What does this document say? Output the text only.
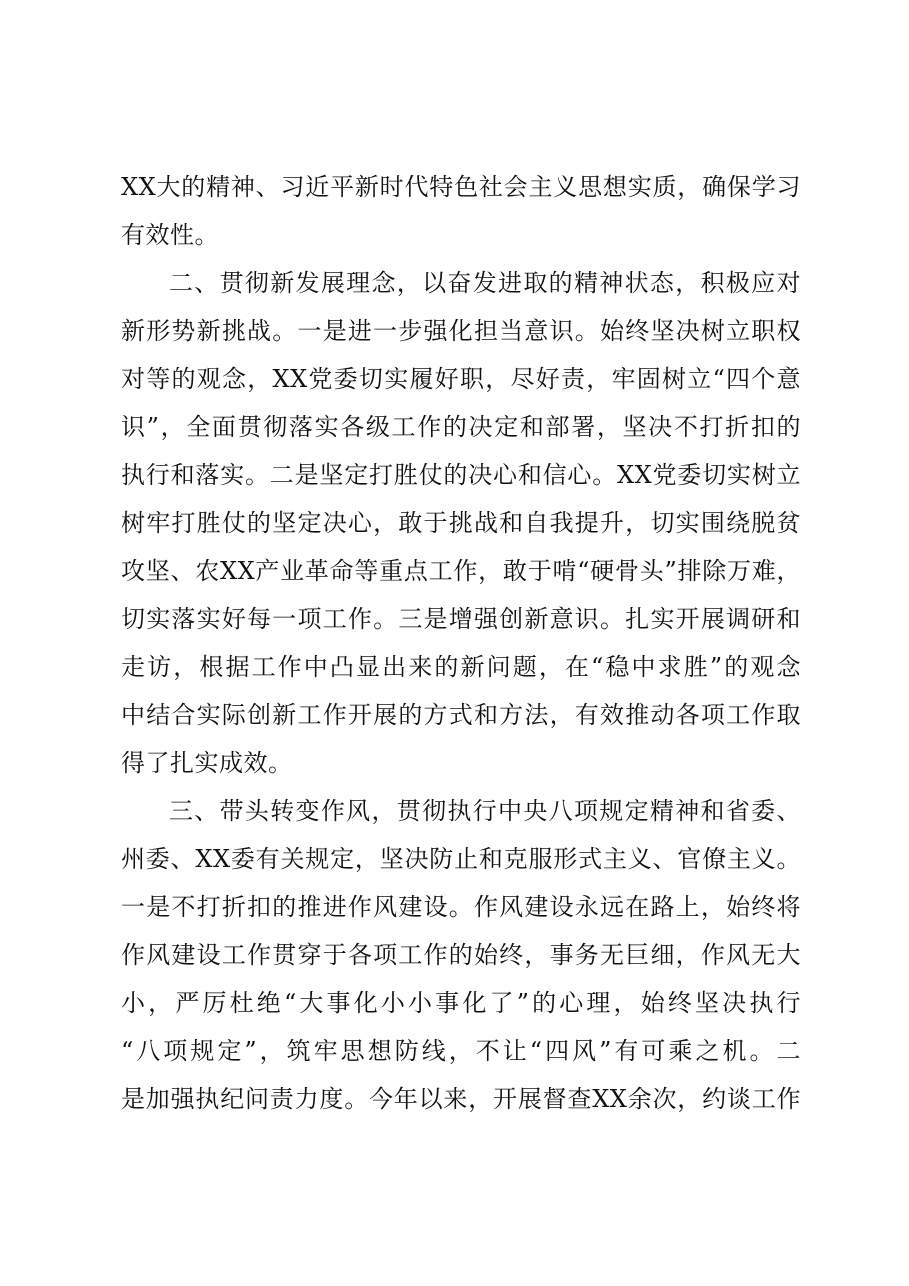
XX大的精神、习近平新时代特色社会主义思想实质，确保学习
有效性。
二、贯彻新发展理念，以奋发进取的精神状态，积极应对
新形势新挑战。一是进一步强化担当意识。始终坚决树立职权
对等的观念，XX党委切实履好职，尽好责，牢固树立“四个意
识”，全面贯彻落实各级工作的决定和部署，坚决不打折扣的
执行和落实。二是坚定打胜仗的决心和信心。XX党委切实树立
树牢打胜仗的坚定决心，敢于挑战和自我提升，切实围绕脱贫
攻坚、农XX产业革命等重点工作，敢于啃“硬骨头”排除万难，
切实落实好每一项工作。三是增强创新意识。扎实开展调研和
走访，根据工作中凸显出来的新问题，在“稳中求胜”的观念
中结合实际创新工作开展的方式和方法，有效推动各项工作取
得了扎实成效。
三、带头转变作风，贯彻执行中央八项规定精神和省委、
州委、XX委有关规定，坚决防止和克服形式主义、官僚主义。
一是不打折扣的推进作风建设。作风建设永远在路上，始终将
作风建设工作贯穿于各项工作的始终，事务无巨细，作风无大
小，严厉杜绝“大事化小小事化了”的心理，始终坚决执行
“八项规定”，筑牢思想防线，不让“四风”有可乘之机。二
是加强执纪问责力度。今年以来，开展督查XX余次，约谈工作
